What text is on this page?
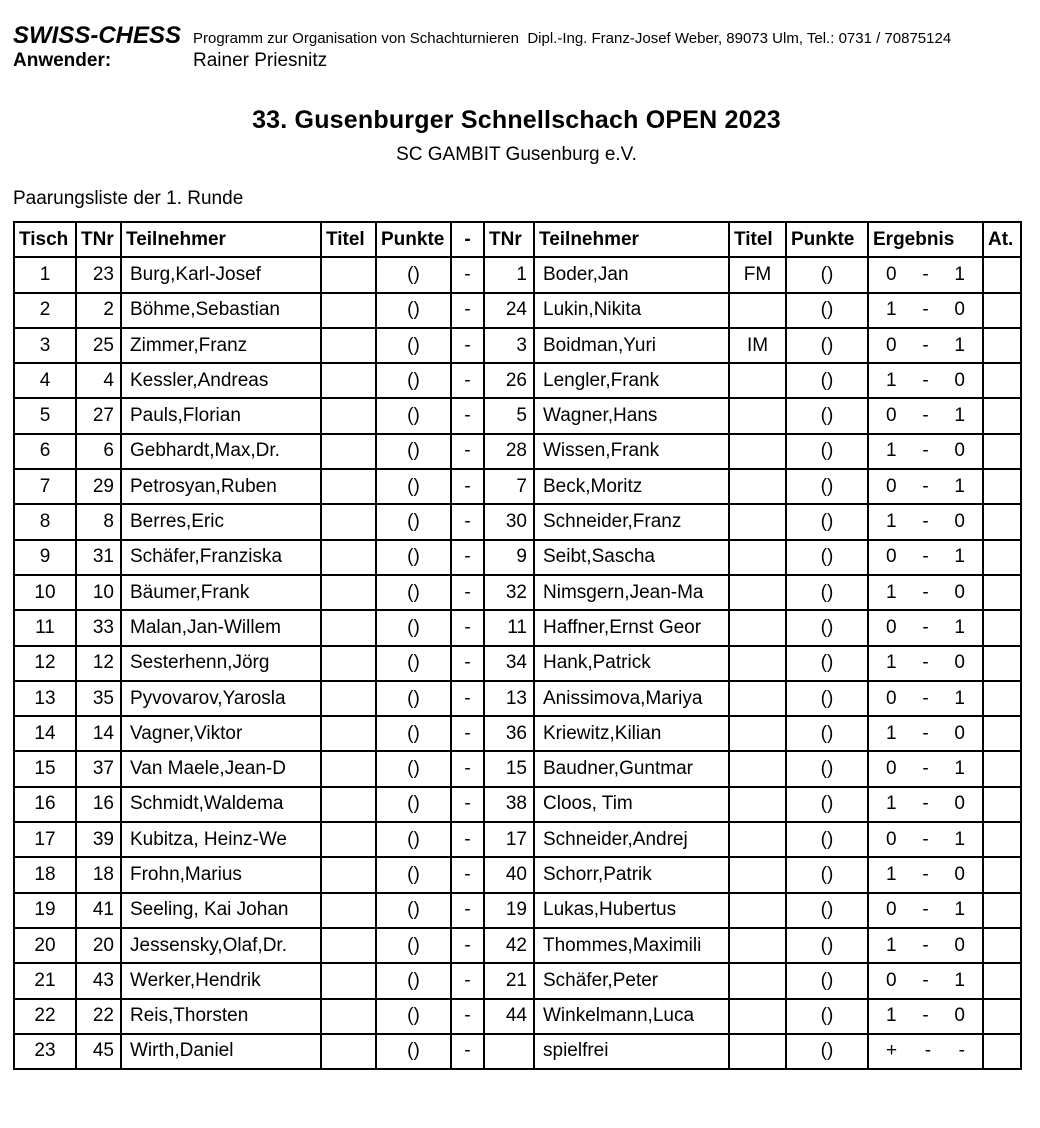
SWISS-CHESS Programm zur Organisation von Schachturnieren  Dipl.-Ing. Franz-Josef Weber, 89073 Ulm, Tel.: 0731 / 70875124
Anwender:	Rainer Priesnitz
33. Gusenburger Schnellschach OPEN 2023
SC GAMBIT Gusenburg e.V.
Paarungsliste der 1. Runde
Tisch	TNr	Teilnehmer	Titel	Punkte	-	TNr	Teilnehmer	Titel	Punkte	Ergebnis	At.
1	23	Burg,Karl-Josef		()	-	1	Boder,Jan	FM	()	0 - 1	

2	2	Böhme,Sebastian		()	-	24	Lukin,Nikita		()	1 - 0	

3	25	Zimmer,Franz		()	-	3	Boidman,Yuri	IM	()	0 - 1	

4	4	Kessler,Andreas		()	-	26	Lengler,Frank		()	1 - 0	

5	27	Pauls,Florian		()	-	5	Wagner,Hans		()	0 - 1	

6	6	Gebhardt,Max,Dr.		()	-	28	Wissen,Frank		()	1 - 0	

7	29	Petrosyan,Ruben		()	-	7	Beck,Moritz		()	0 - 1	

8	8	Berres,Eric		()	-	30	Schneider,Franz		()	1 - 0	

9	31	Schäfer,Franziska		()	-	9	Seibt,Sascha		()	0 - 1	

10	10	Bäumer,Frank		()	-	32	Nimsgern,Jean-Ma		()	1 - 0	

11	33	Malan,Jan-Willem		()	-	11	Haffner,Ernst Geor		()	0 - 1	

12	12	Sesterhenn,Jörg		()	-	34	Hank,Patrick		()	1 - 0	

13	35	Pyvovarov,Yarosla		()	-	13	Anissimova,Mariya		()	0 - 1	

14	14	Vagner,Viktor		()	-	36	Kriewitz,Kilian		()	1 - 0	

15	37	Van Maele,Jean-D		()	-	15	Baudner,Guntmar		()	0 - 1	

16	16	Schmidt,Waldema		()	-	38	Cloos, Tim		()	1 - 0	

17	39	Kubitza, Heinz-We		()	-	17	Schneider,Andrej		()	0 - 1	

18	18	Frohn,Marius		()	-	40	Schorr,Patrik		()	1 - 0	

19	41	Seeling, Kai Johan		()	-	19	Lukas,Hubertus		()	0 - 1	

20	20	Jessensky,Olaf,Dr.		()	-	42	Thommes,Maximili		()	1 - 0	

21	43	Werker,Hendrik		()	-	21	Schäfer,Peter		()	0 - 1	

22	22	Reis,Thorsten		()	-	44	Winkelmann,Luca		()	1 - 0	

23	45	Wirth,Daniel		()	-		spielfrei		()	+ - -	
